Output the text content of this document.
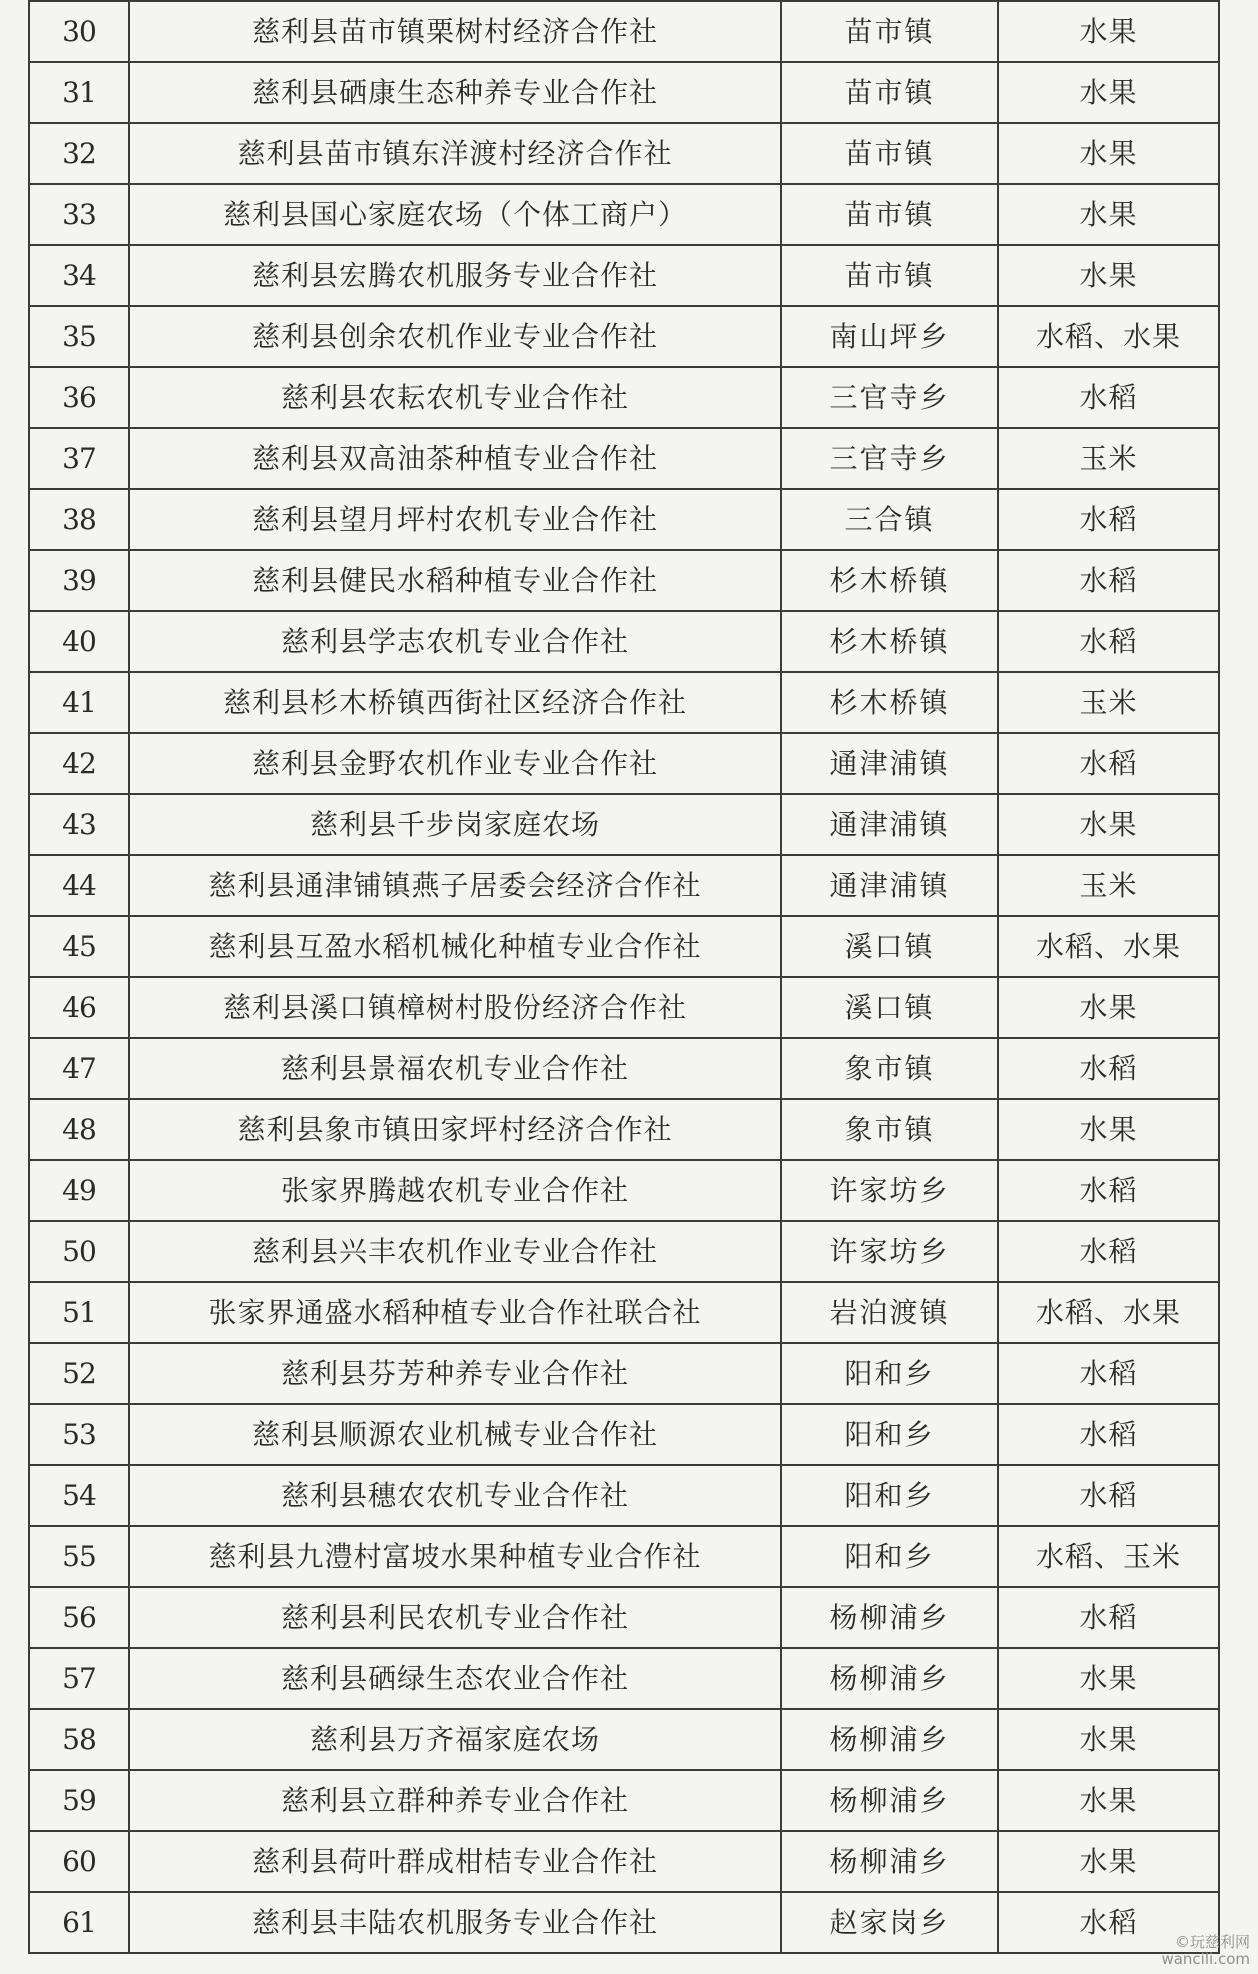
30	慈利县苗市镇栗树村经济合作社	苗市镇	水果
31	慈利县硒康生态种养专业合作社	苗市镇	水果
32	慈利县苗市镇东洋渡村经济合作社	苗市镇	水果
33	慈利县国心家庭农场（个体工商户）	苗市镇	水果
34	慈利县宏腾农机服务专业合作社	苗市镇	水果
35	慈利县创余农机作业专业合作社	南山坪乡	水稻、水果
36	慈利县农耘农机专业合作社	三官寺乡	水稻
37	慈利县双高油茶种植专业合作社	三官寺乡	玉米
38	慈利县望月坪村农机专业合作社	三合镇	水稻
39	慈利县健民水稻种植专业合作社	杉木桥镇	水稻
40	慈利县学志农机专业合作社	杉木桥镇	水稻
41	慈利县杉木桥镇西街社区经济合作社	杉木桥镇	玉米
42	慈利县金野农机作业专业合作社	通津浦镇	水稻
43	慈利县千步岗家庭农场	通津浦镇	水果
44	慈利县通津铺镇燕子居委会经济合作社	通津浦镇	玉米
45	慈利县互盈水稻机械化种植专业合作社	溪口镇	水稻、水果
46	慈利县溪口镇樟树村股份经济合作社	溪口镇	水果
47	慈利县景福农机专业合作社	象市镇	水稻
48	慈利县象市镇田家坪村经济合作社	象市镇	水果
49	张家界腾越农机专业合作社	许家坊乡	水稻
50	慈利县兴丰农机作业专业合作社	许家坊乡	水稻
51	张家界通盛水稻种植专业合作社联合社	岩泊渡镇	水稻、水果
52	慈利县芬芳种养专业合作社	阳和乡	水稻
53	慈利县顺源农业机械专业合作社	阳和乡	水稻
54	慈利县穗农农机专业合作社	阳和乡	水稻
55	慈利县九澧村富坡水果种植专业合作社	阳和乡	水稻、玉米
56	慈利县利民农机专业合作社	杨柳浦乡	水稻
57	慈利县硒绿生态农业合作社	杨柳浦乡	水果
58	慈利县万齐福家庭农场	杨柳浦乡	水果
59	慈利县立群种养专业合作社	杨柳浦乡	水果
60	慈利县荷叶群成柑桔专业合作社	杨柳浦乡	水果
61	慈利县丰陆农机服务专业合作社	赵家岗乡	水稻
©玩慈利网
wancili.com
